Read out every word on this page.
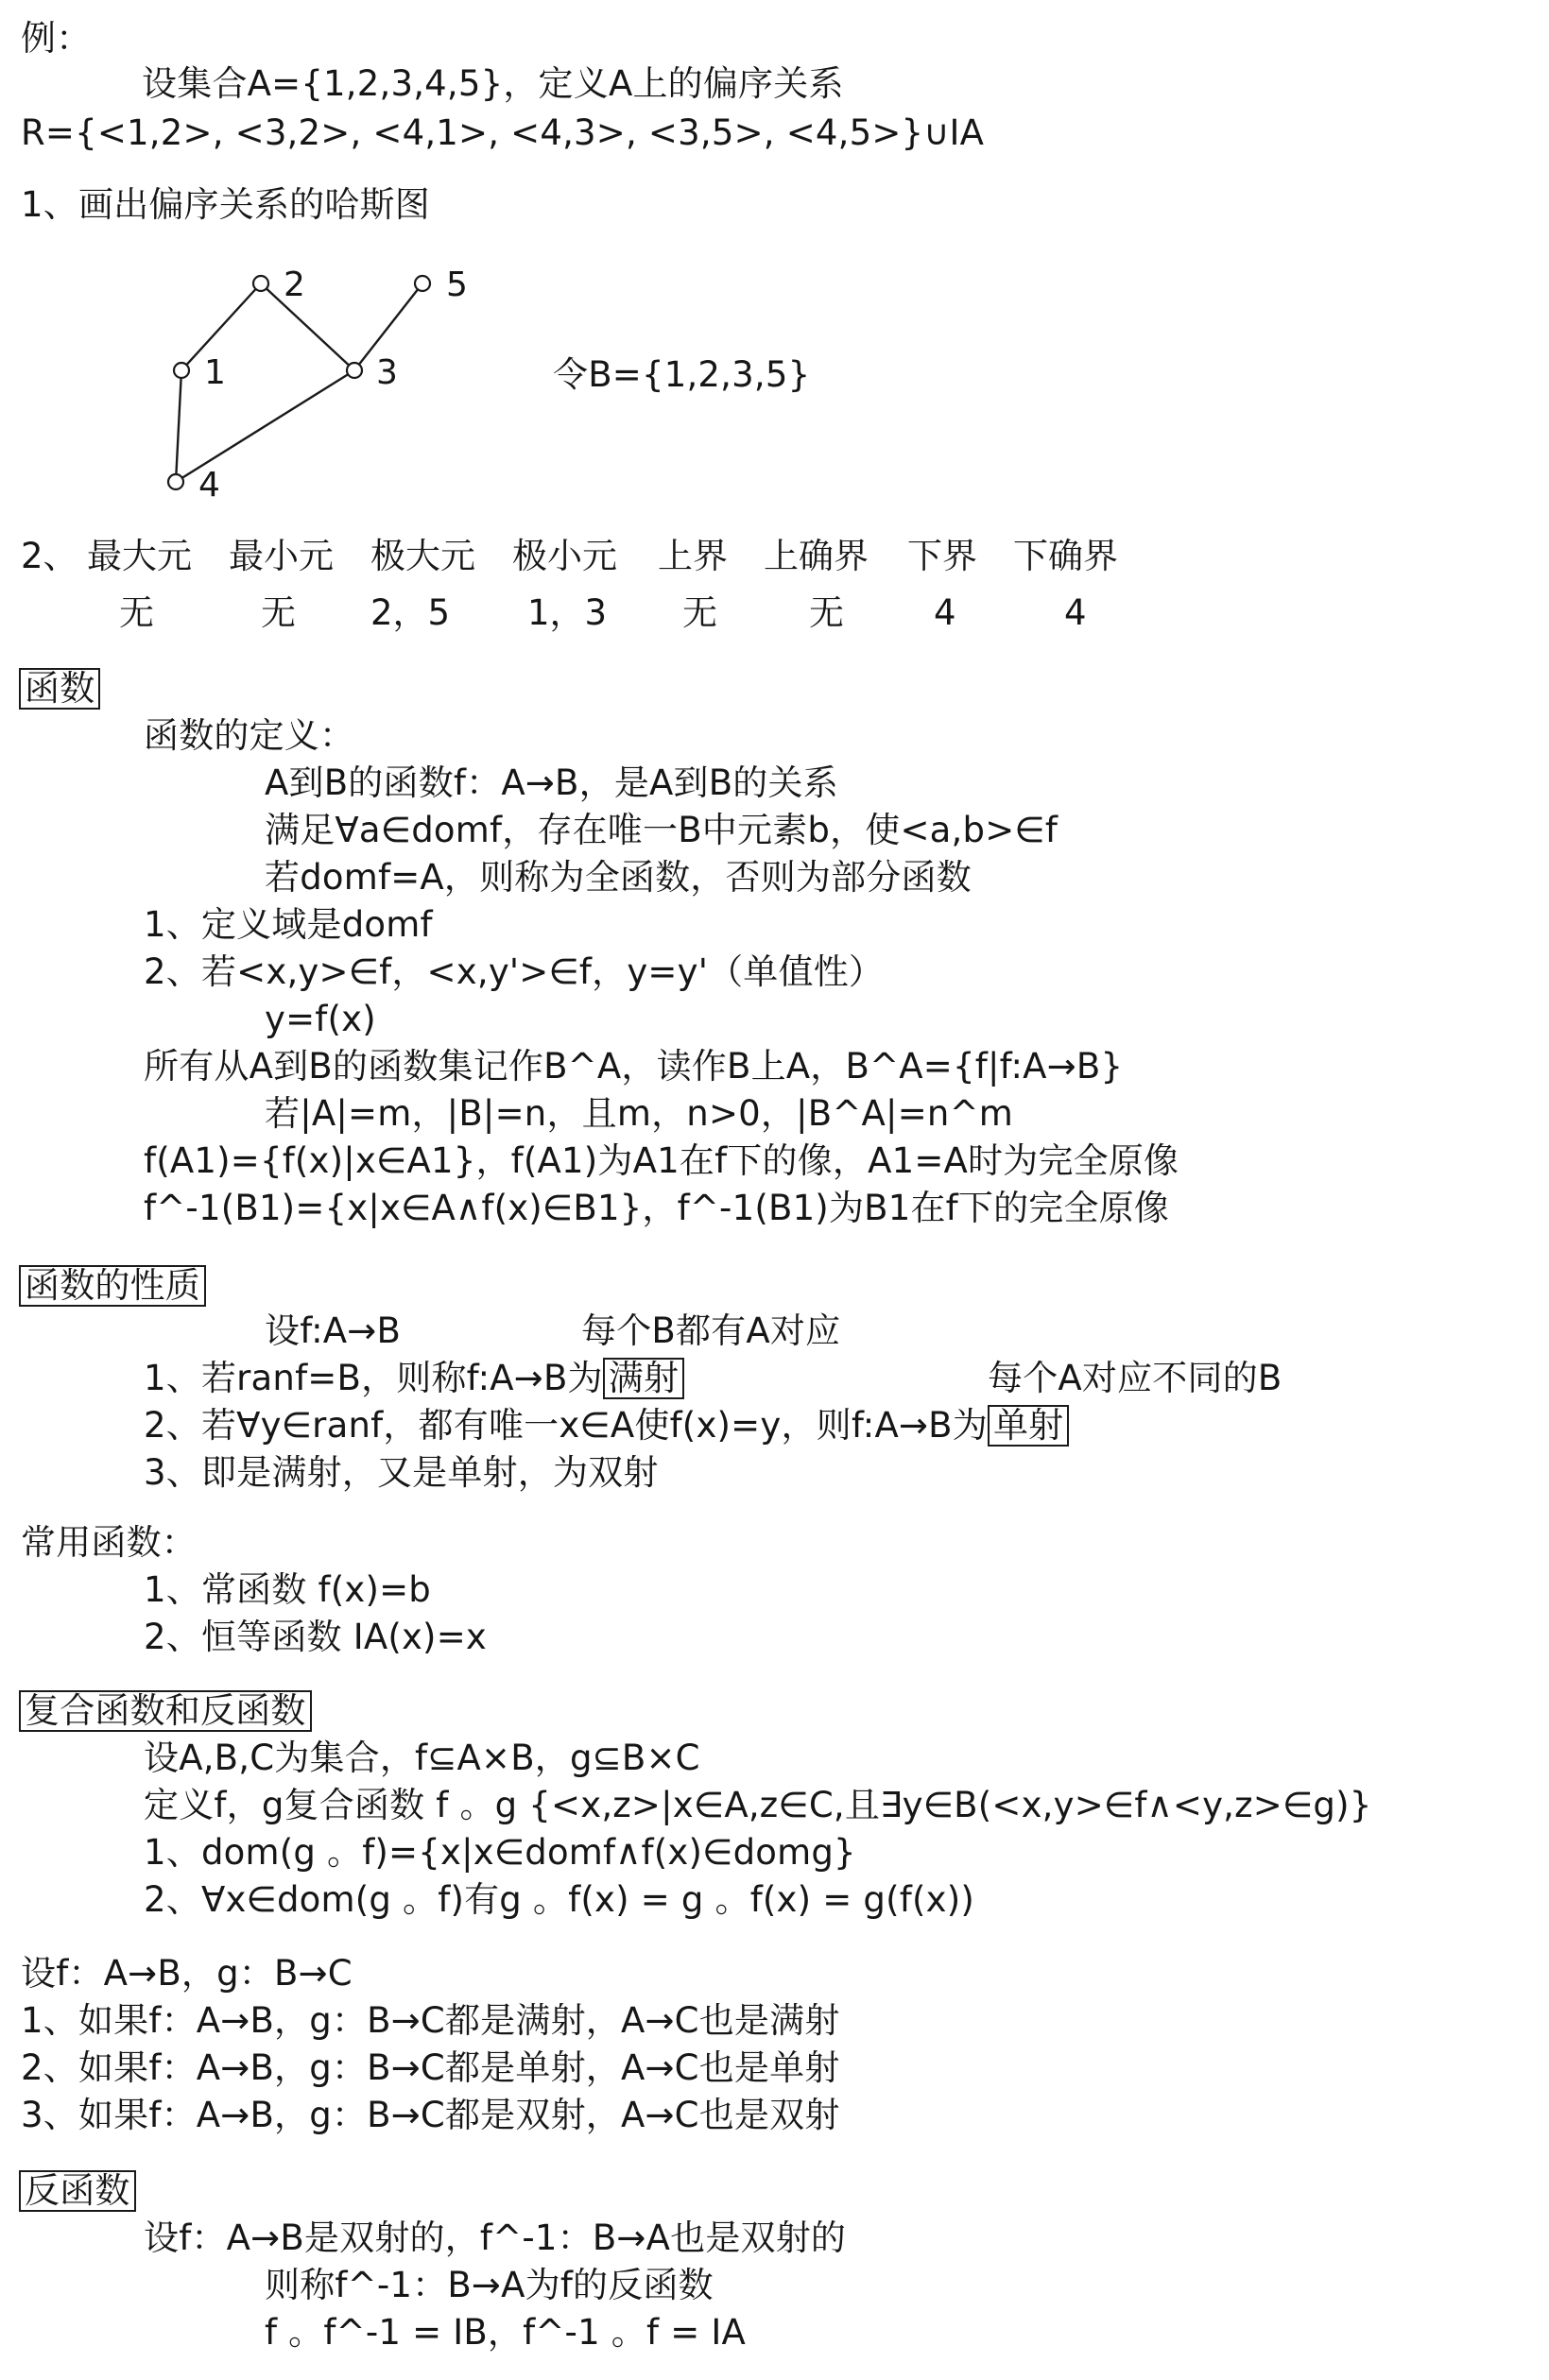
例：
设集合A={1,2,3,4,5}，定义A上的偏序关系
R={<1,2>, <3,2>, <4,1>, <4,3>, <3,5>, <4,5>}∪IA
1、画出偏序关系的哈斯图
2	5
1	3
4
令B={1,2,3,5}
2、 最大元 最小元 极大元 极小元 上界 上确界 下界 下确界
无	无 2，5 1，3 无	无	4	4
函数
函数的定义：
A到B的函数f：A→B，是A到B的关系
满足∀a∈domf，存在唯一B中元素b，使<a,b>∈f
若domf=A，则称为全函数，否则为部分函数
1、定义域是domf
2、若<x,y>∈f，<x,y'>∈f，y=y'（单值性）
y=f(x)
所有从A到B的函数集记作B^A，读作B上A，B^A={f|f:A→B}
若|A|=m，|B|=n，且m，n>0，|B^A|=n^m
f(A1)={f(x)|x∈A1}，f(A1)为A1在f下的像，A1=A时为完全原像
f^-1(B1)={x|x∈A∧f(x)∈B1}，f^-1(B1)为B1在f下的完全原像
函数的性质
设f:A→B	每个B都有A对应
1、若ranf=B，则称f:A→B为 满射	每个A对应不同的B
2、若∀y∈ranf，都有唯一x∈A使f(x)=y，则f:A→B为 单射
3、即是满射，又是单射，为双射
常用函数：
1、常函数 f(x)=b
2、恒等函数 IA(x)=x
复合函数和反函数
设A,B,C为集合，f⊆A×B，g⊆B×C
定义f，g复合函数 f 。g {<x,z>|x∈A,z∈C,且∃y∈B(<x,y>∈f∧<y,z>∈g)}
1、dom(g 。f)={x|x∈domf∧f(x)∈domg}
2、∀x∈dom(g 。f)有g 。f(x) = g 。f(x) = g(f(x))
设f：A→B，g：B→C
1、如果f：A→B，g：B→C都是满射，A→C也是满射
2、如果f：A→B，g：B→C都是单射，A→C也是单射
3、如果f：A→B，g：B→C都是双射，A→C也是双射
反函数
设f：A→B是双射的，f^-1：B→A也是双射的
则称f^-1：B→A为f的反函数
f 。f^-1 = IB，f^-1 。f = IA
